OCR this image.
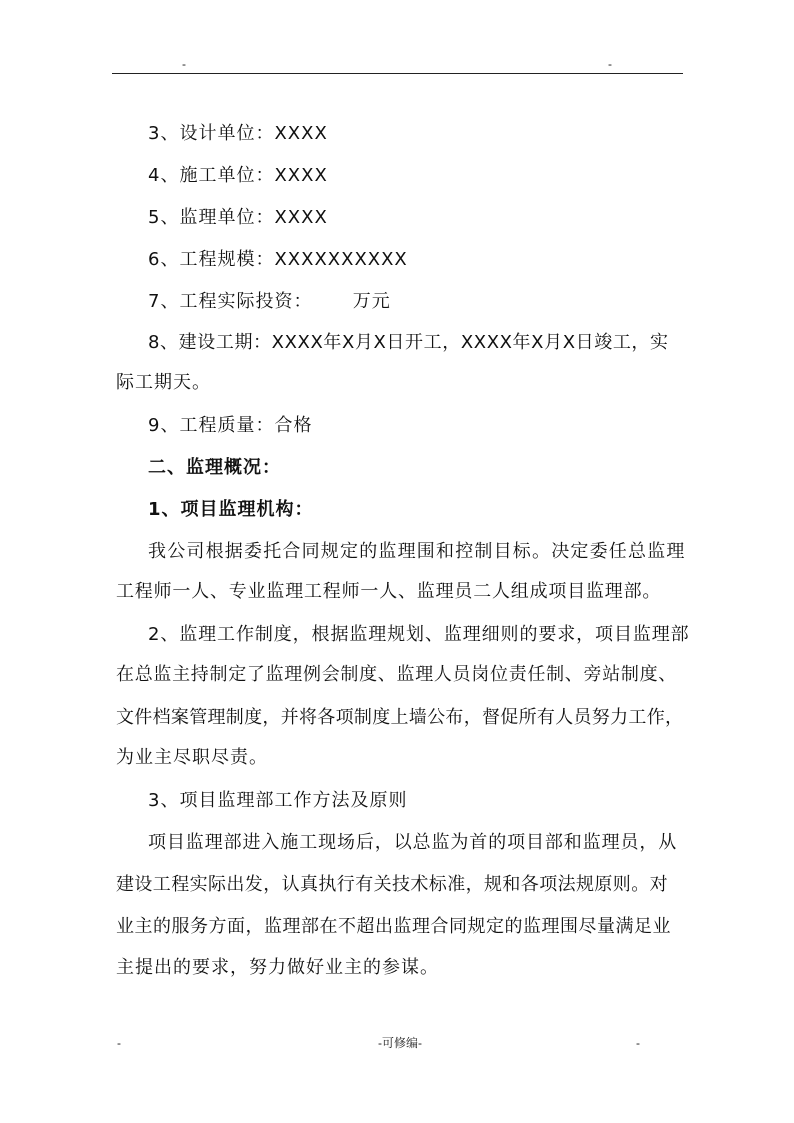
-	-
3、设计单位：XXXX
4、施工单位：XXXX
5、监理单位：XXXX
6、工程规模：XXXXXXXXXX
7、工程实际投资：      万元
8、建设工期：XXXX年X月X日开工，XXXX年X月X日竣工，实
际工期天。
9、工程质量：合格
二、监理概况：
1、项目监理机构：
我公司根据委托合同规定的监理围和控制目标。决定委任总监理
工程师一人、专业监理工程师一人、监理员二人组成项目监理部。
2、监理工作制度，根据监理规划、监理细则的要求，项目监理部
在总监主持制定了监理例会制度、监理人员岗位责任制、旁站制度、
文件档案管理制度，并将各项制度上墙公布，督促所有人员努力工作，
为业主尽职尽责。
3、项目监理部工作方法及原则
项目监理部进入施工现场后，以总监为首的项目部和监理员，从
建设工程实际出发，认真执行有关技术标准，规和各项法规原则。对
业主的服务方面，监理部在不超出监理合同规定的监理围尽量满足业
主提出的要求，努力做好业主的参谋。
-	-可修编-	-
